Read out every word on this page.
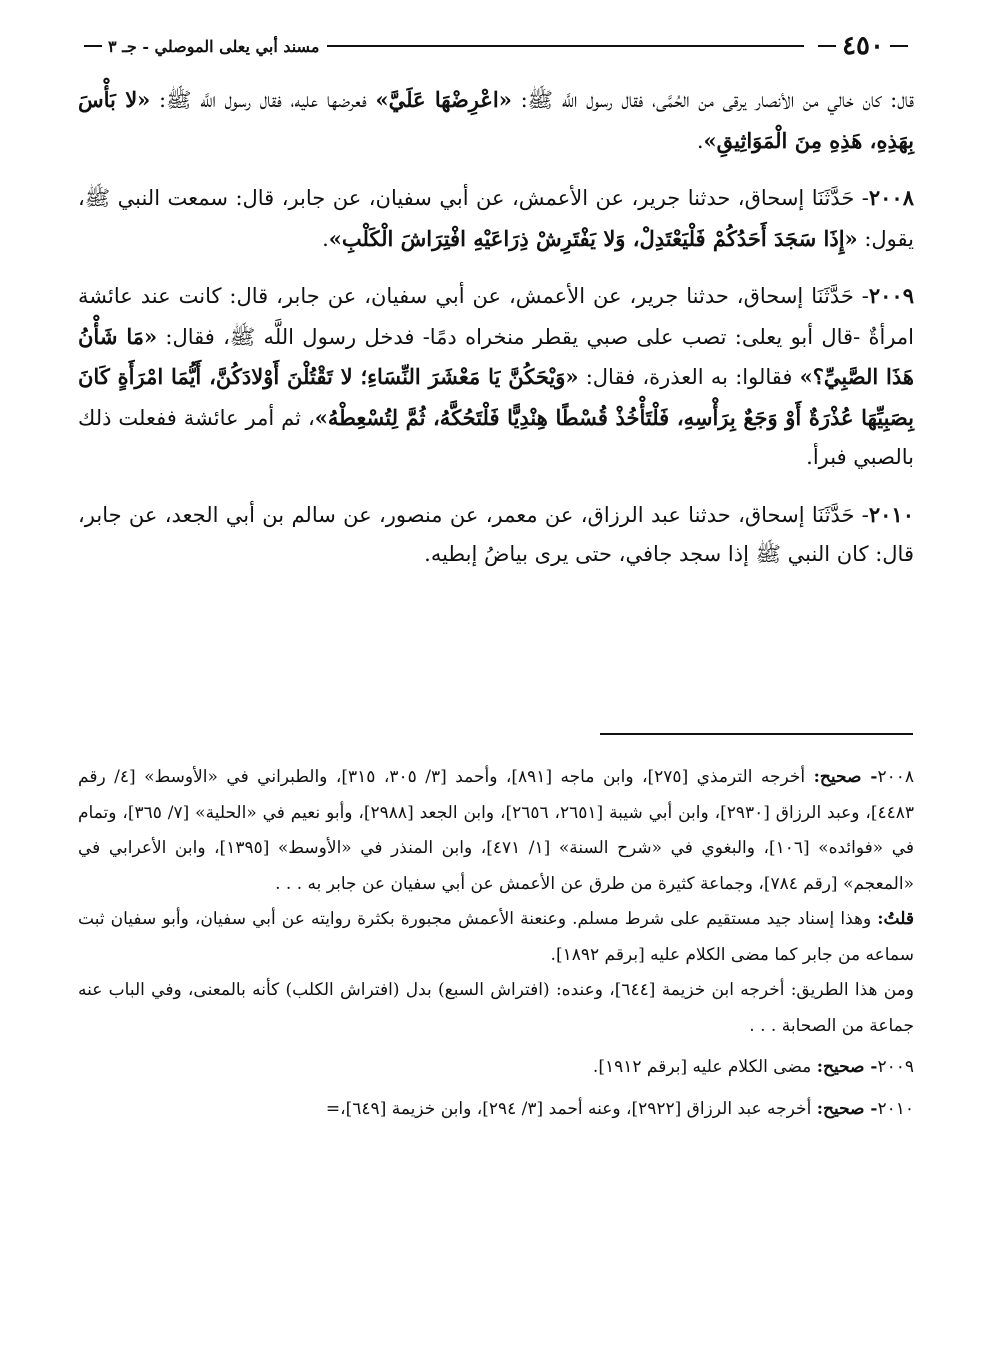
٤٥٠
مسند أبي يعلى الموصلي - جـ ٣

قال: كان خالي من الأنصار يرقى من الحُمَّى، فقال رسول اللَّه ﷺ: «اعْرِضْهَا عَلَيَّ» فعرضها عليه، فقال رسول اللَّه ﷺ: «لا بَأْسَ بِهَذِهِ، هَذِهِ مِنَ الْمَوَاثِيقِ».

٢٠٠٨- حَدَّثَنَا إسحاق، حدثنا جرير، عن الأعمش، عن أبي سفيان، عن جابر، قال: سمعت النبي ﷺ، يقول: «إِذَا سَجَدَ أَحَدُكُمْ فَلْيَعْتَدِلْ، وَلا يَفْتَرِشْ ذِرَاعَيْهِ افْتِرَاشَ الْكَلْبِ».

٢٠٠٩- حَدَّثَنَا إسحاق، حدثنا جرير، عن الأعمش، عن أبي سفيان، عن جابر، قال: كانت عند عائشة امرأةٌ -قال أبو يعلى: تصب على صبي يقطر منخراه دمًا- فدخل رسول اللَّه ﷺ، فقال: «مَا شَأْنُ هَذَا الصَّبِيِّ؟» فقالوا: به العذرة، فقال: «وَيْحَكُنَّ يَا مَعْشَرَ النِّسَاءِ؛ لا تَقْتُلْنَ أَوْلادَكُنَّ، أَيُّمَا امْرَأَةٍ كَانَ بِصَبِيِّهَا عُذْرَةٌ أَوْ وَجَعٌ بِرَأْسِهِ، فَلْتَأْخُذْ قُسْطًا هِنْدِيًّا فَلْتَحُكَّهُ، ثُمَّ لِتُسْعِطْهُ»، ثم أمر عائشة ففعلت ذلك بالصبي فبرأ.

٢٠١٠- حَدَّثَنَا إسحاق، حدثنا عبد الرزاق، عن معمر، عن منصور، عن سالم بن أبي الجعد، عن جابر، قال: كان النبي ﷺ إذا سجد جافي، حتى يرى بياضُ إبطيه.

٢٠٠٨- صحيح: أخرجه الترمذي [٢٧٥]، وابن ماجه [٨٩١]، وأحمد [٣/ ٣٠٥، ٣١٥]، والطبراني في «الأوسط» [٤/ رقم ٤٤٨٣]، وعبد الرزاق [٢٩٣٠]، وابن أبي شيبة [٢٦٥١، ٢٦٥٦]، وابن الجعد [٢٩٨٨]، وأبو نعيم في «الحلية» [٧/ ٣٦٥]، وتمام في «فوائده» [١٠٦]، والبغوي في «شرح السنة» [١/ ٤٧١]، وابن المنذر في «الأوسط» [١٣٩٥]، وابن الأعرابي في «المعجم» [رقم ٧٨٤]، وجماعة كثيرة من طرق عن الأعمش عن أبي سفيان عن جابر به . . .

قلتُ: وهذا إسناد جيد مستقيم على شرط مسلم. وعنعنة الأعمش مجبورة بكثرة روايته عن أبي سفيان، وأبو سفيان ثبت سماعه من جابر كما مضى الكلام عليه [برقم ١٨٩٢].

ومن هذا الطريق: أخرجه ابن خزيمة [٦٤٤]، وعنده: (افتراش السبع) بدل (افتراش الكلب) كأنه بالمعنى، وفي الباب عنه جماعة من الصحابة . . .

٢٠٠٩- صحيح: مضى الكلام عليه [برقم ١٩١٢].

٢٠١٠- صحيح: أخرجه عبد الرزاق [٢٩٢٢]، وعنه أحمد [٣/ ٢٩٤]، وابن خزيمة [٦٤٩]،=
